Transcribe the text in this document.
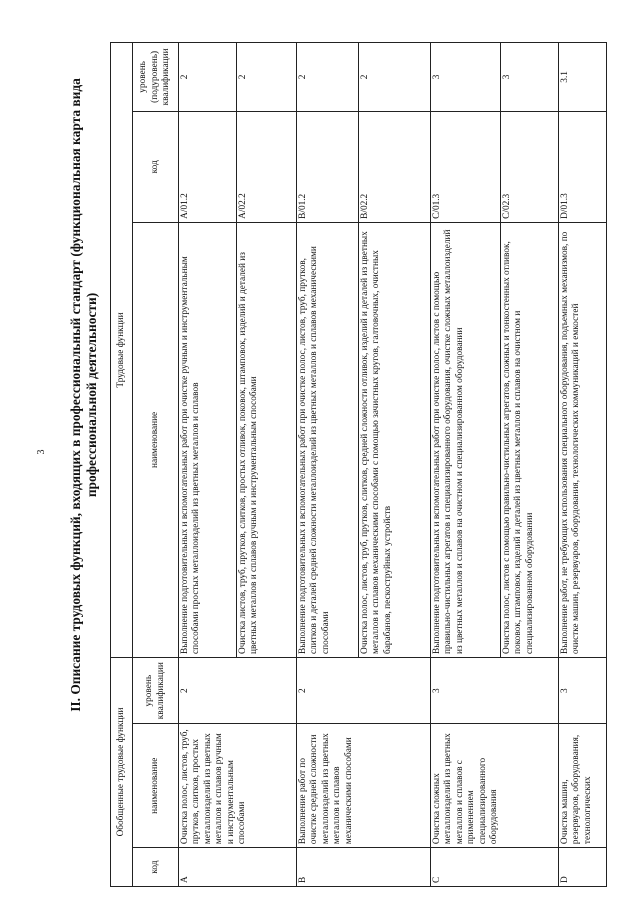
3 II. Описание трудовых функций, входящих в профессиональный стандарт (функциональная карта вида профессиональной деятельности)
Обобщенные трудовые функции			Трудовые функции		
код	наименование	уровень квалификации	наименование	код	уровень (подуровень) квалификации
A	Очистка полос, листов, труб, прутков, слитков, простых металлоизделий из цветных металлов и сплавов ручным и инструментальным способами	2	Выполнение подготовительных и вспомогательных работ при очистке ручным и инструментальным способами простых металлоизделий из цветных металлов и сплавов	A/01.2	2
			Очистка листов, труб, прутков, слитков, простых отливок, поковок, штамповок, изделий и деталей из цветных металлов и сплавов ручным и инструментальным способами	A/02.2	2
B	Выполнение работ по очистке средней сложности металлоизделий из цветных металлов и сплавов механическими способами	2	Выполнение подготовительных и вспомогательных работ при очистке полос, листов, труб, прутков, слитков и деталей средней сложности металлоизделий из цветных металлов и сплавов механическими способами	B/01.2	2
			Очистка полос, листов, труб, прутков, слитков, средней сложности отливок, изделий и деталей из цветных металлов и сплавов механическими способами с помощью зачистных кругов, галтовочных, очистных барабанов, пескоструйных устройств	B/02.2	2
C	Очистка сложных металлоизделий из цветных металлов и сплавов с применением специализированного оборудования	3	Выполнение подготовительных и вспомогательных работ при очистке полос, листов с помощью правильно-чистильных агрегатов и специализированного оборудования, очистке сложных металлоизделий из цветных металлов и сплавов на очистном и специализированном оборудовании	C/01.3	3
			Очистка полос, листов с помощью правильно-чистильных агрегатов, сложных и тонкостенных отливок, поковок, штамповок, изделий и деталей из цветных металлов и сплавов на очистном и специализированном оборудовании	C/02.3	3
D	Очистка машин, резервуаров, оборудования, технологических	3	Выполнение работ, не требующих использования специального оборудования, подъемных механизмов, по очистке машин, резервуаров, оборудования, технологических коммуникаций и емкостей	D/01.3	3.1
